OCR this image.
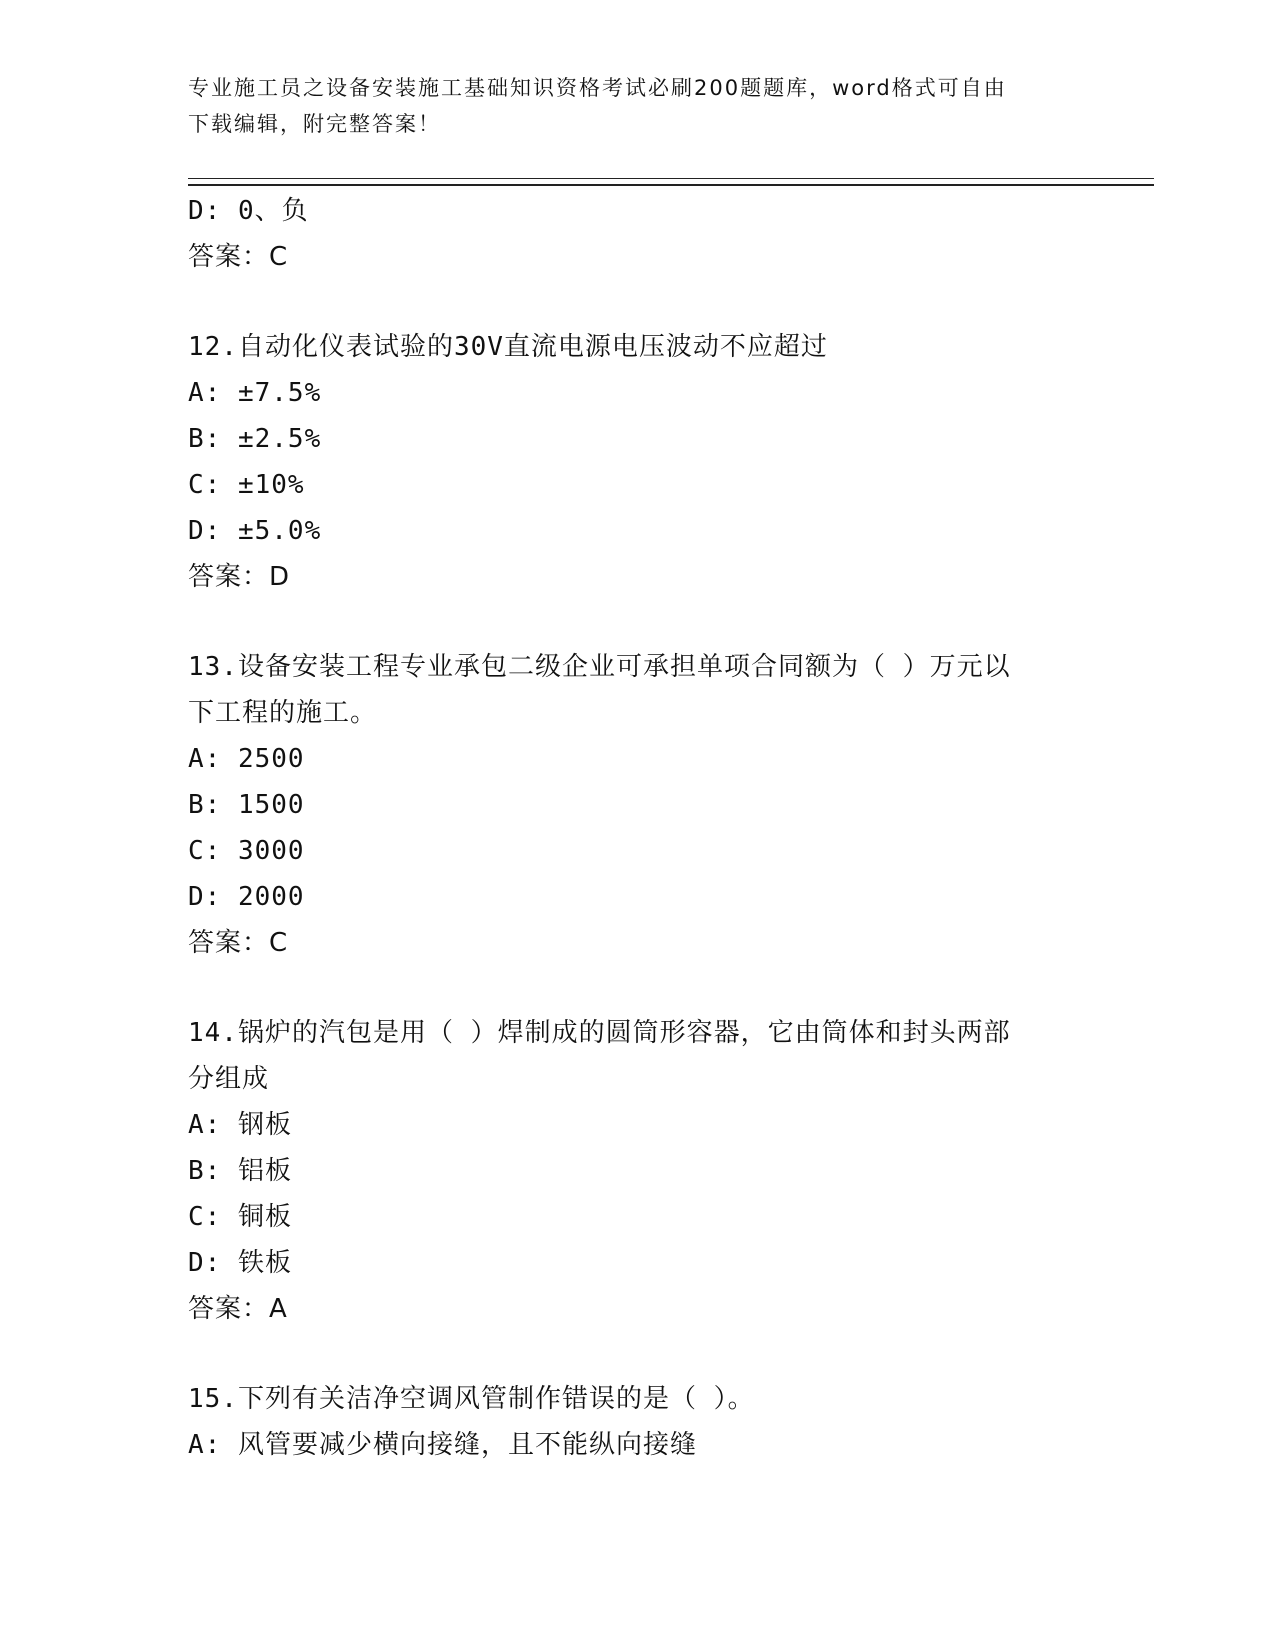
专业施工员之设备安装施工基础知识资格考试必刷200题题库，word格式可自由
下载编辑，附完整答案！
D: 0、负
答案：C
12.自动化仪表试验的30V直流电源电压波动不应超过
A: ±7.5%
B: ±2.5%
C: ±10%
D: ±5.0%
答案：D
13.设备安装工程专业承包二级企业可承担单项合同额为（ ）万元以
下工程的施工。
A: 2500
B: 1500
C: 3000
D: 2000
答案：C
14.锅炉的汽包是用（ ）焊制成的圆筒形容器，它由筒体和封头两部
分组成
A: 钢板
B: 铝板
C: 铜板
D: 铁板
答案：A
15.下列有关洁净空调风管制作错误的是（ ）。
A: 风管要减少横向接缝，且不能纵向接缝
